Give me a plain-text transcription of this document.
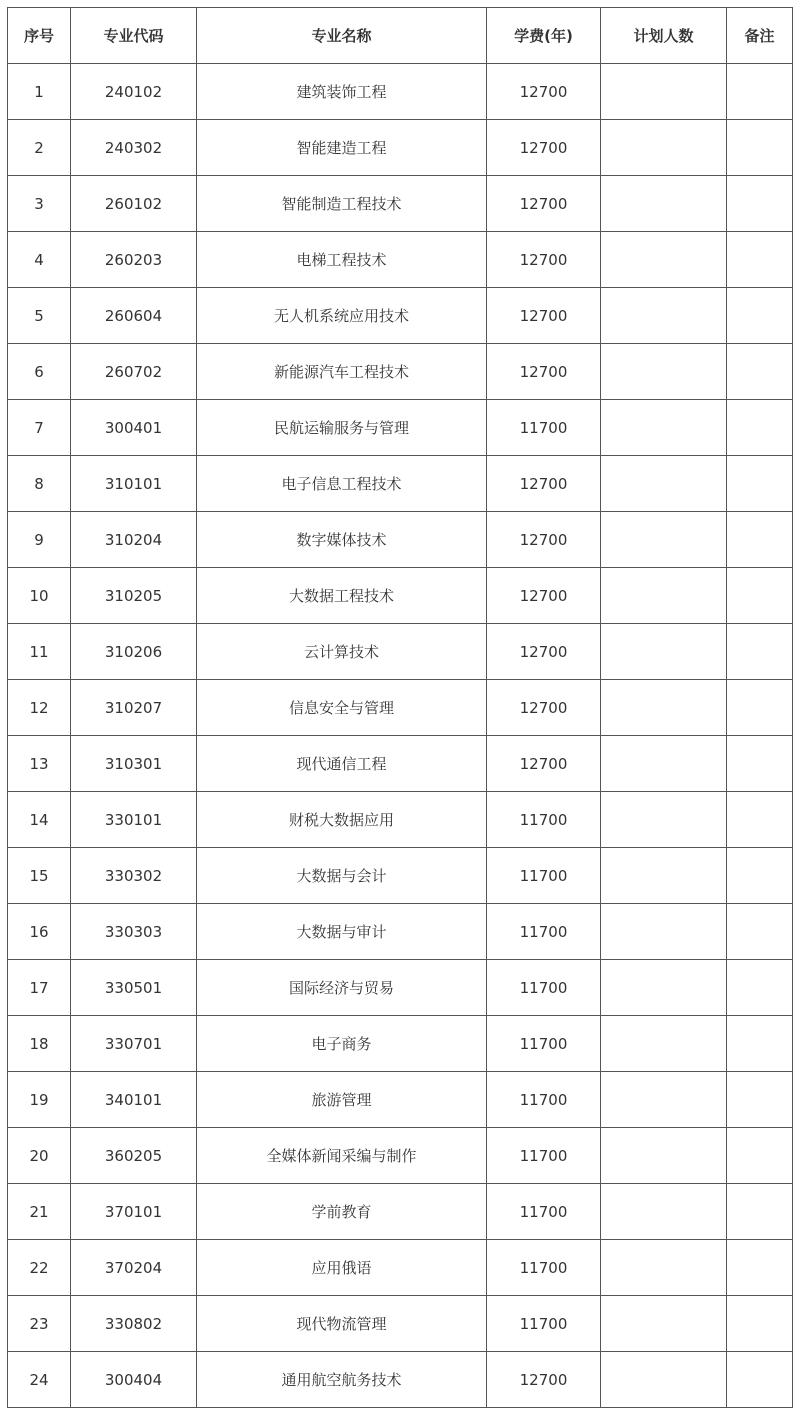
序号	专业代码	专业名称	学费(年)	计划人数	备注
1	240102	建筑装饰工程	12700		
2	240302	智能建造工程	12700		
3	260102	智能制造工程技术	12700		
4	260203	电梯工程技术	12700		
5	260604	无人机系统应用技术	12700		
6	260702	新能源汽车工程技术	12700		
7	300401	民航运输服务与管理	11700		
8	310101	电子信息工程技术	12700		
9	310204	数字媒体技术	12700		
10	310205	大数据工程技术	12700		
11	310206	云计算技术	12700		
12	310207	信息安全与管理	12700		
13	310301	现代通信工程	12700		
14	330101	财税大数据应用	11700		
15	330302	大数据与会计	11700		
16	330303	大数据与审计	11700		
17	330501	国际经济与贸易	11700		
18	330701	电子商务	11700		
19	340101	旅游管理	11700		
20	360205	全媒体新闻采编与制作	11700		
21	370101	学前教育	11700		
22	370204	应用俄语	11700		
23	330802	现代物流管理	11700		
24	300404	通用航空航务技术	12700		
